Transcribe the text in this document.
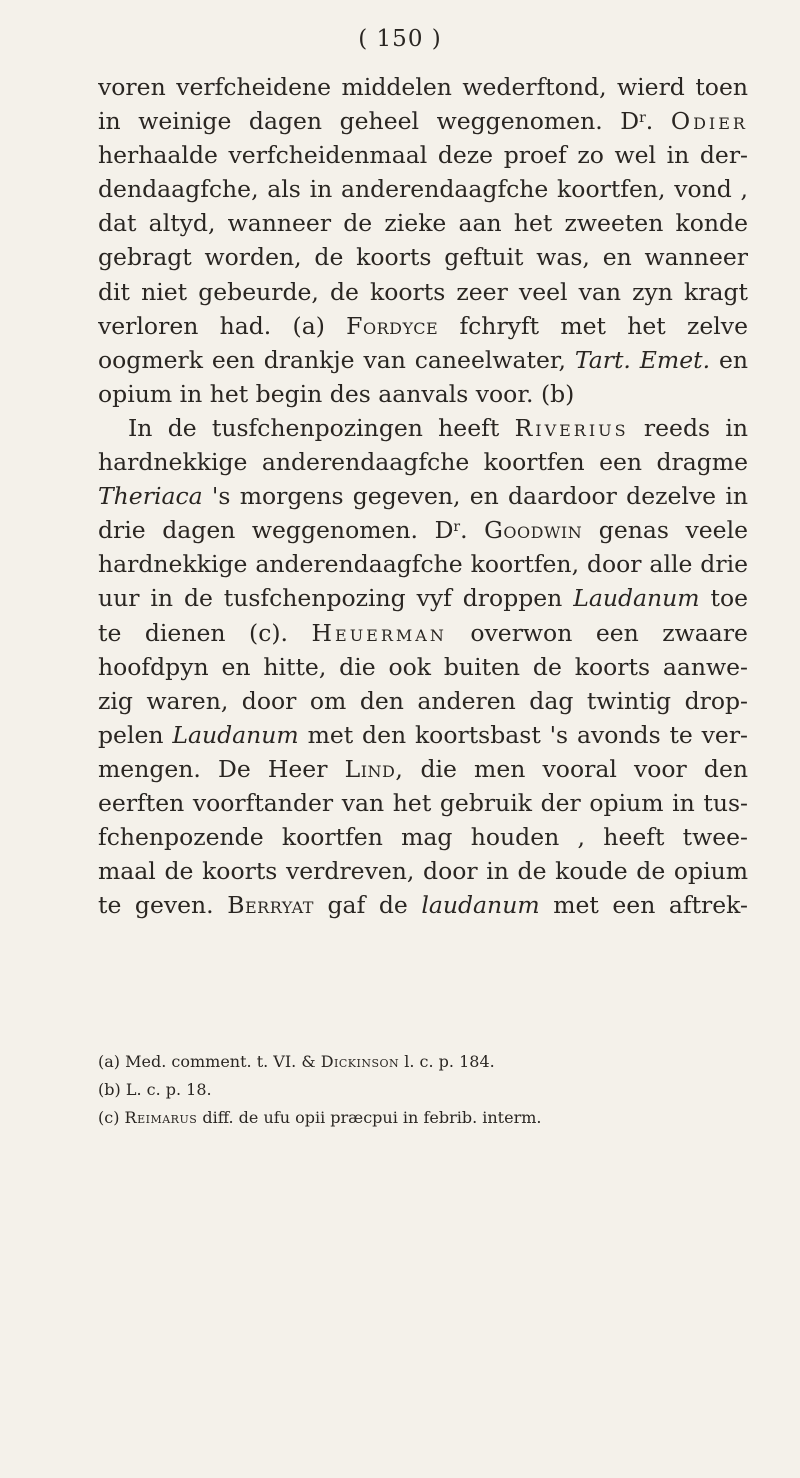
( 150 )
voren verfcheidene middelen wederftond, wierd toen
in weinige dagen geheel weggenomen. $D^r$. Odier
herhaalde verfcheidenmaal deze proef zo wel in der-
dendaagfche, als in anderendaagfche koortfen, vond ,
dat altyd, wanneer de zieke aan het zweeten konde
gebragt worden, de koorts geftuit was, en wanneer
dit niet gebeurde, de koorts zeer veel van zyn kragt
verloren had. (a) Fordyce fchryft met het zelve
oogmerk een drankje van caneelwater, Tart. Emet. en
opium in het begin des aanvals voor. (b)
In de tusfchenpozingen heeft Riverius reeds in
hardnekkige anderendaagfche koortfen een dragme
Theriaca 's morgens gegeven, en daardoor dezelve in
drie dagen weggenomen. $D^r$. Goodwin genas veele
hardnekkige anderendaagfche koortfen, door alle drie
uur in de tusfchenpozing vyf droppen Laudanum toe
te dienen (c). Heuerman overwon een zwaare
hoofdpyn en hitte, die ook buiten de koorts aanwe-
zig waren, door om den anderen dag twintig drop-
pelen Laudanum met den koortsbast 's avonds te ver-
mengen. De Heer Lind, die men vooral voor den
eerften voorftander van het gebruik der opium in tus-
fchenpozende koortfen mag houden , heeft twee-
maal de koorts verdreven, door in de koude de opium
te geven. Berryat gaf de laudanum met een aftrek-
(a) Med. comment. t. VI. & Dickinson l. c. p. 184.
(b) L. c. p. 18.
(c) Reimarus diff. de ufu opii præcpui in febrib. interm.
